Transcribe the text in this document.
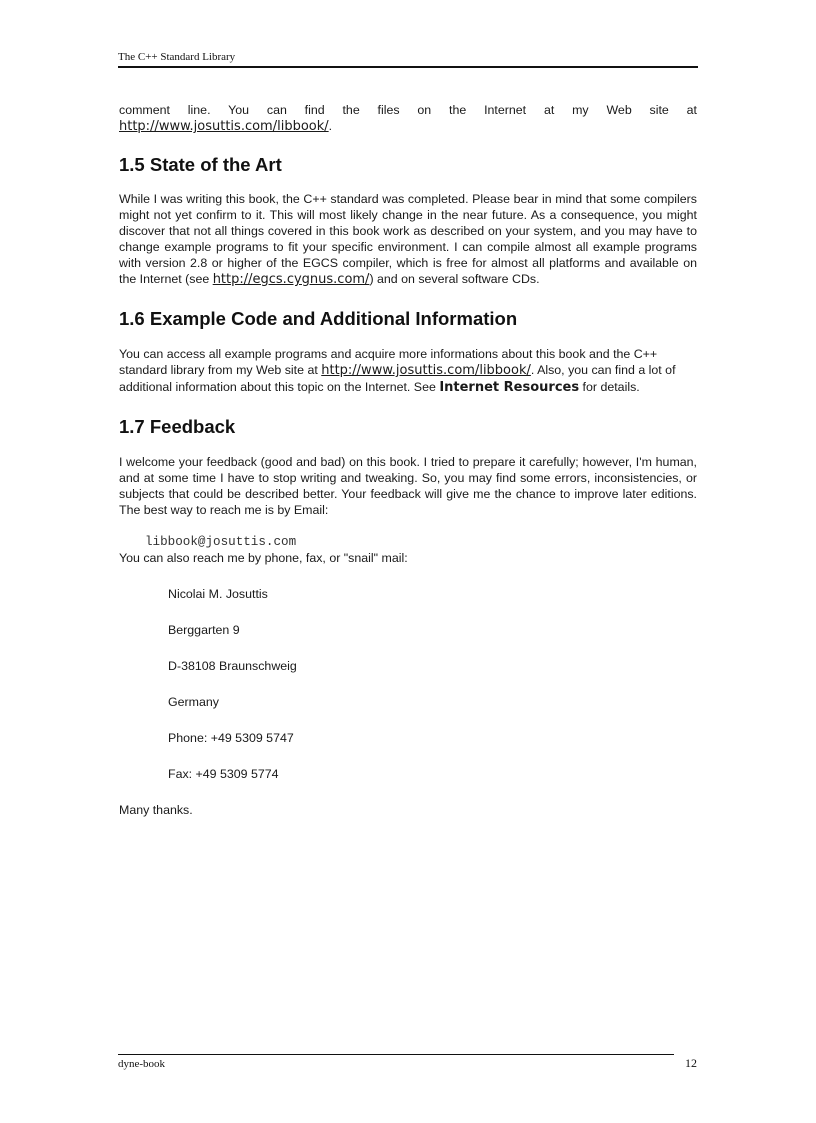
The C++ Standard Library

comment line. You can find the files on the Internet at my Web site at

http://www.josuttis.com/libbook/.

1.5 State of the Art

While I was writing this book, the C++ standard was completed. Please bear in mind that some compilers might not yet confirm to it. This will most likely change in the near future. As a consequence, you might discover that not all things covered in this book work as described on your system, and you may have to change example programs to fit your specific environment. I can compile almost all example programs with version 2.8 or higher of the EGCS compiler, which is free for almost all platforms and available on the Internet (see http://egcs.cygnus.com/) and on several software CDs.

1.6 Example Code and Additional Information

You can access all example programs and acquire more informations about this book and the C++ standard library from my Web site at http://www.josuttis.com/libbook/. Also, you can find a lot of additional information about this topic on the Internet. See Internet Resources for details.

1.7 Feedback

I welcome your feedback (good and bad) on this book. I tried to prepare it carefully; however, I'm human, and at some time I have to stop writing and tweaking. So, you may find some errors, inconsistencies, or subjects that could be described better. Your feedback will give me the chance to improve later editions. The best way to reach me is by Email:

libbook@josuttis.com

You can also reach me by phone, fax, or "snail" mail:

Nicolai M. Josuttis

Berggarten 9

D-38108 Braunschweig

Germany

Phone: +49 5309 5747

Fax: +49 5309 5774

Many thanks.

dyne-book	12
